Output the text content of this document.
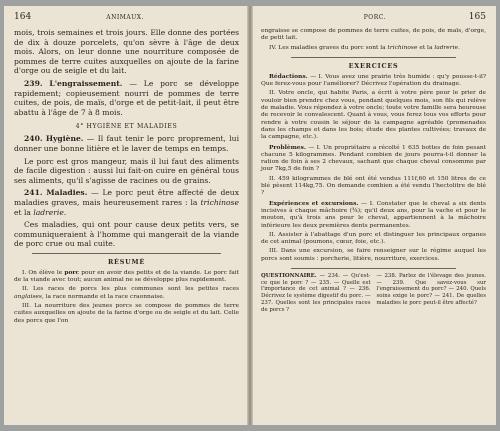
164	ANIMAUX.

mois, trois semaines et trois jours. Elle donne des portées de dix à douze porcelets, qu'on sèvre à l'âge de deux mois. Alors, on leur donne une nourriture composée de pommes de terre cuites auxquelles on ajoute de la farine d'orge ou de seigle et du lait.

239. L'engraissement. — Le porc se développe rapidement; copieusement nourri de pommes de terre cuites, de pois, de maïs, d'orge et de petit-lait, il peut être abattu à l'âge de 7 à 8 mois.

4° HYGIÈNE ET MALADIES

240. Hygiène. — Il faut tenir le porc proprement, lui donner une bonne litière et le laver de temps en temps.

Le porc est gros mangeur, mais il lui faut des aliments de facile digestion : aussi lui fait-on cuire en général tous ses aliments, qu'il s'agisse de racines ou de grains.

241. Maladies. — Le porc peut être affecté de deux maladies graves, mais heureusement rares : la trichinose et la ladrerie.

Ces maladies, qui ont pour cause deux petits vers, se communiqueraient à l'homme qui mangerait de la viande de porc crue ou mal cuite.

RÉSUMÉ

I. On élève le porc pour en avoir des petits et de la viande. Le porc fait de la viande avec tout; aucun animal ne se développe plus rapidement.

II. Les races de porcs les plus communes sont les petites races anglaises, la race normande et la race craonnaise.

III. La nourriture des jeunes porcs se compose de pommes de terre cuites auxquelles on ajoute de la farine d'orge ou de seigle et du lait. Celle des porcs que l'on

PORC.	165

engraisse se compose de pommes de terre cuites, de pois, de maïs, d'orge, de petit lait.

IV. Les maladies graves du porc sont la trichinose et la ladrerie.

EXERCICES

Rédactions. — I. Vous avez une prairie très humide : qu'y pousse-t-il? Que ferez-vous pour l'améliorer? Décrivez l'opération du drainage.

II. Votre oncle, qui habite Paris, a écrit à votre père pour le prier de vouloir bien prendre chez vous, pendant quelques mois, son fils qui relève de maladie. Vous répondez à votre oncle; toute votre famille sera heureuse de recevoir le convalescent. Quant à vous, vous ferez tous vos efforts pour rendre à votre cousin le séjour de la campagne agréable (promenades dans les champs et dans les bois; étude des plantes cultivées; travaux de la campagne, etc.).

Problèmes. — I. Un propriétaire a récolté 1 635 bottes de foin pesant chacune 5 kilogrammes. Pendant combien de jours pourra-t-il donner la ration de foin à ses 2 chevaux, sachant que chaque cheval consomme par jour 7kg,5 de foin ?

II. 459 kilogrammes de blé ont été vendus 111f,60 et 150 litres de ce blé pèsent 114kg,75. On demande combien a été vendu l'hectolitre de blé ?

Expériences et excursions. — I. Constater que le cheval a six dents incisives à chaque mâchoire (¾); qu'il deux ans, pour la vache et pour le mouton, qu'à trois ans pour le cheval, appartiennent à la mâchoire inférieure les deux premières dents permanentes.

II. Assister à l'abattage d'un porc et distinguer les principaux organes de cet animal (poumons, cœur, foie, etc.).

III. Dans une excursion, se faire renseigner sur le régime auquel les porcs sont soumis : porcherie, litière, nourriture, exercices.

QUESTIONNAIRE. — 234. — Qu'est-ce que le porc ? — 235. — Quelle est l'importance de cet animal ? — 236. Décrivez le système digestif du porc. — 237. Quelles sont les principales races de porcs ?
— 238. Parlez de l'élevage des jeunes. — 239. Que savez-vous sur l'engraissement du porc? — 240. Quels soins exige le porc? — 241. De quelles maladies le porc peut-il être affecté?
